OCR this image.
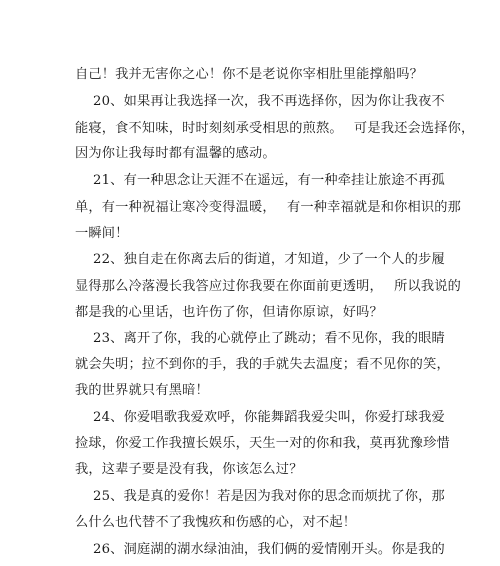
自己！我并无害你之心！你不是老说你宰相肚里能撑船吗？
20、如果再让我选择一次，我不再选择你，因为你让我夜不
能寝，食不知味，时时刻刻承受相思的煎熬。　 可是我还会选择你，
因为你让我每时都有温馨的感动。
21、有一种思念让天涯不在遥远，有一种牵挂让旅途不再孤
单，有一种祝福让寒冷变得温暖，　 有一种幸福就是和你相识的那
一瞬间！
22、独自走在你离去后的街道，才知道，少了一个人的步履
显得那么冷落漫长我答应过你我要在你面前更透明，　 所以我说的
都是我的心里话，也许伤了你，但请你原谅，好吗？
23、离开了你，我的心就停止了跳动；看不见你，我的眼睛
就会失明；拉不到你的手，我的手就失去温度；看不见你的笑，
我的世界就只有黑暗！
24、你爱唱歌我爱欢呼，你能舞蹈我爱尖叫，你爱打球我爱
捡球，你爱工作我擅长娱乐，天生一对的你和我，莫再犹豫珍惜
我，这辈子要是没有我，你该怎么过？
25、我是真的爱你！若是因为我对你的思念而烦扰了你，那
么什么也代替不了我愧疚和伤感的心，对不起！
26、洞庭湖的湖水绿油油，我们俩的爱情刚开头。你是我的
